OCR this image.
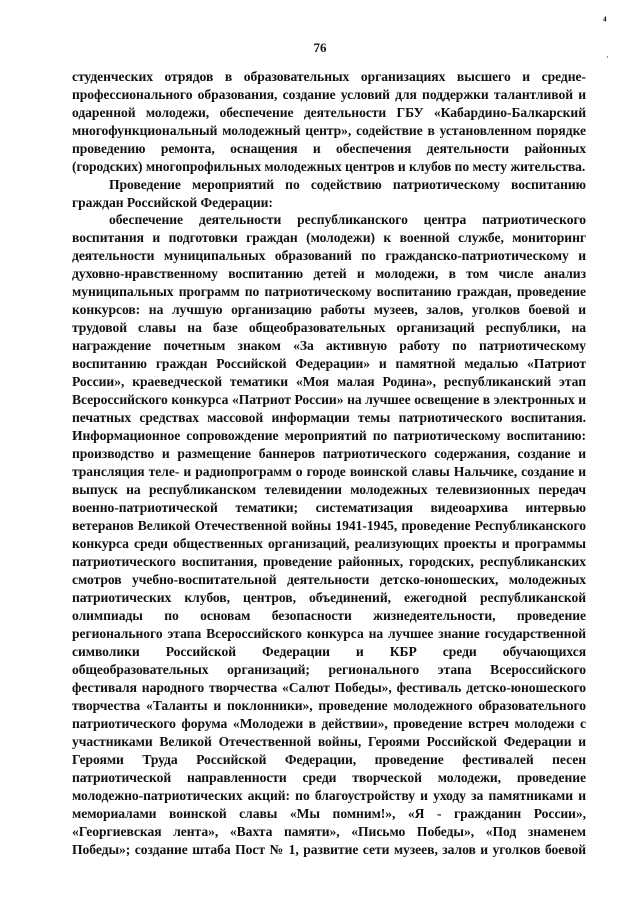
76
⁴
·
студенческих отрядов в образовательных организациях высшего и средне-
профессионального образования, создание условий для поддержки талантливой и
одаренной молодежи, обеспечение деятельности ГБУ «Кабардино-Балкарский
многофункциональный молодежный центр», содействие в установленном порядке
проведению ремонта, оснащения и обеспечения деятельности районных
(городских) многопрофильных молодежных центров и клубов по месту жительства.
Проведение мероприятий по содействию патриотическому воспитанию
граждан Российской Федерации:
обеспечение деятельности республиканского центра патриотического
воспитания и подготовки граждан (молодежи) к военной службе, мониторинг
деятельности муниципальных образований по гражданско-патриотическому и
духовно-нравственному воспитанию детей и молодежи, в том числе анализ
муниципальных программ по патриотическому воспитанию граждан, проведение
конкурсов: на лучшую организацию работы музеев, залов, уголков боевой и
трудовой славы на базе общеобразовательных организаций республики, на
награждение почетным знаком «За активную работу по патриотическому
воспитанию граждан Российской Федерации» и памятной медалью «Патриот
России», краеведческой тематики «Моя малая Родина», республиканский этап
Всероссийского конкурса «Патриот России» на лучшее освещение в электронных и
печатных средствах массовой информации темы патриотического воспитания.
Информационное сопровождение мероприятий по патриотическому воспитанию:
производство и размещение баннеров патриотического содержания, создание и
трансляция теле- и радиопрограмм о городе воинской славы Нальчике, создание и
выпуск на республиканском телевидении молодежных телевизионных передач
военно-патриотической тематики; систематизация видеоархива интервью
ветеранов Великой Отечественной войны 1941-1945, проведение Республиканского
конкурса среди общественных организаций, реализующих проекты и программы
патриотического воспитания, проведение районных, городских, республиканских
смотров учебно-воспитательной деятельности детско-юношеских, молодежных
патриотических клубов, центров, объединений, ежегодной республиканской
олимпиады по основам безопасности жизнедеятельности, проведение
регионального этапа Всероссийского конкурса на лучшее знание государственной
символики Российской Федерации и КБР среди обучающихся
общеобразовательных организаций; регионального этапа Всероссийского
фестиваля народного творчества «Салют Победы», фестиваль детско-юношеского
творчества «Таланты и поклонники», проведение молодежного образовательного
патриотического форума «Молодежи в действии», проведение встреч молодежи с
участниками Великой Отечественной войны, Героями Российской Федерации и
Героями Труда Российской Федерации, проведение фестивалей песен
патриотической направленности среди творческой молодежи, проведение
молодежно-патриотических акций: по благоустройству и уходу за памятниками и
мемориалами воинской славы «Мы помним!», «Я - гражданин России»,
«Георгиевская лента», «Вахта памяти», «Письмо Победы», «Под знаменем
Победы»; создание штаба Пост № 1, развитие сети музеев, залов и уголков боевой
